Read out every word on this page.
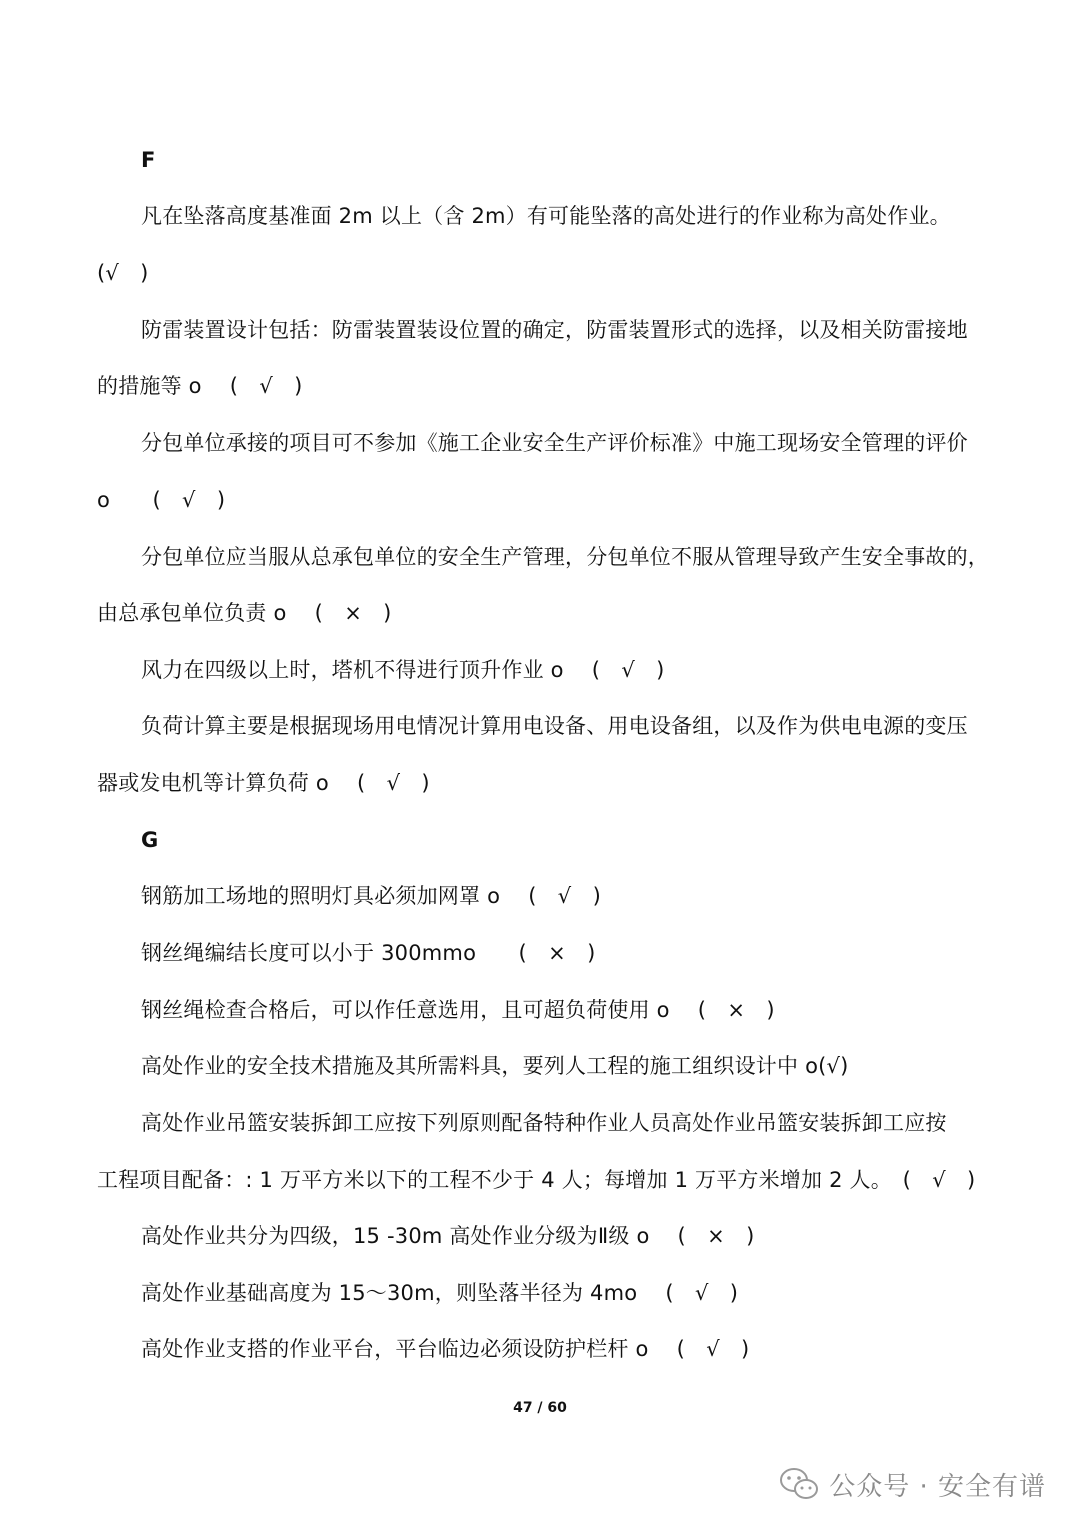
F
凡在坠落高度基准面 2m 以上（含 2m）有可能坠落的高处进行的作业称为高处作业。
(√　)
防雷装置设计包括：防雷装置装设位置的确定，防雷装置形式的选择，以及相关防雷接地
的措施等 o　 (　√　)
分包单位承接的项目可不参加《施工企业安全生产评价标准》中施工现场安全管理的评价
o　　(　√　)
分包单位应当服从总承包单位的安全生产管理，分包单位不服从管理导致产生安全事故的，
由总承包单位负责 o　 (　×　)
风力在四级以上时，塔机不得进行顶升作业 o　 (　√　)
负荷计算主要是根据现场用电情况计算用电设备、用电设备组，以及作为供电电源的变压
器或发电机等计算负荷 o　 (　√　)
G
钢筋加工场地的照明灯具必须加网罩 o　 (　√　)
钢丝绳编结长度可以小于 300mmo　　(　×　)
钢丝绳检查合格后，可以作任意选用，且可超负荷使用 o　 (　×　)
高处作业的安全技术措施及其所需料具，要列人工程的施工组织设计中 o(√)
高处作业吊篮安装拆卸工应按下列原则配备特种作业人员高处作业吊篮安装拆卸工应按
工程项目配备：: 1 万平方米以下的工程不少于 4 人；每增加 1 万平方米增加 2 人。　(　√　)
高处作业共分为四级，15 -30m 高处作业分级为Ⅱ级 o　 (　×　)
高处作业基础高度为 15～30m，则坠落半径为 4mo　 (　√　)
高处作业支搭的作业平台，平台临边必须设防护栏杆 o　 (　√　)
47 / 60
公众号 · 安全有谱
